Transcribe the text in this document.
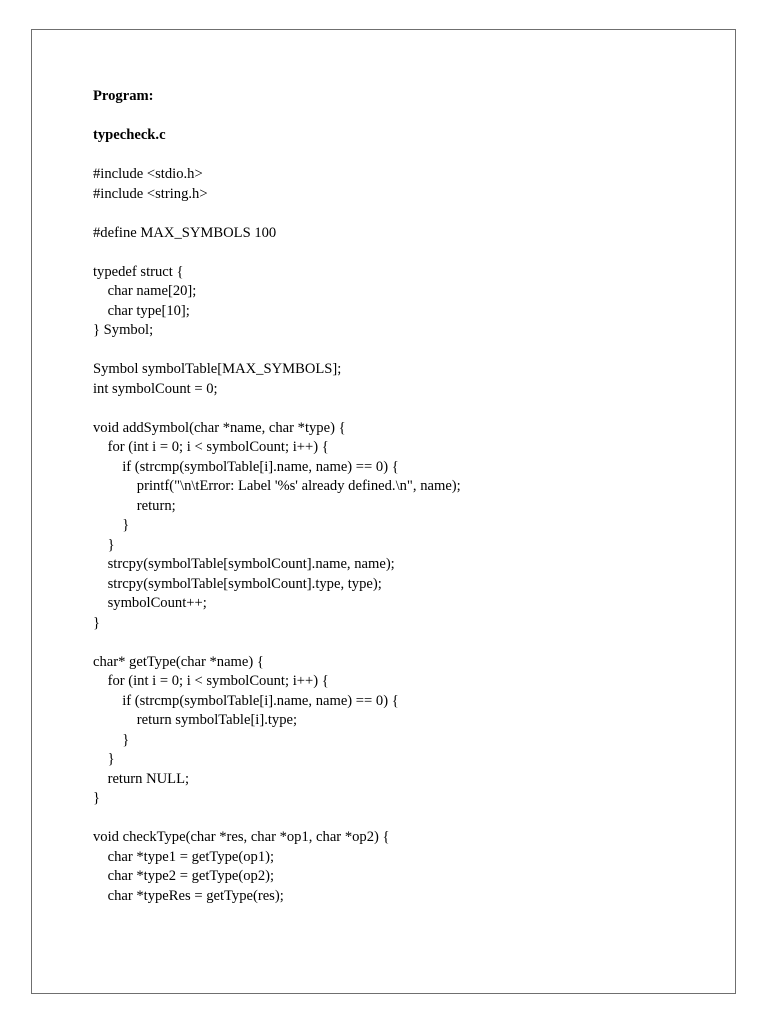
Program:
typecheck.c
#include <stdio.h>
#include <string.h>
#define MAX_SYMBOLS 100
typedef struct {
char name[20];
char type[10];
} Symbol;
Symbol symbolTable[MAX_SYMBOLS];
int symbolCount = 0;
void addSymbol(char *name, char *type) {
for (int i = 0; i < symbolCount; i++) {
if (strcmp(symbolTable[i].name, name) == 0) {
printf("\n\tError: Label '%s' already defined.\n", name);
return;
}
}
strcpy(symbolTable[symbolCount].name, name);
strcpy(symbolTable[symbolCount].type, type);
symbolCount++;
}
char* getType(char *name) {
for (int i = 0; i < symbolCount; i++) {
if (strcmp(symbolTable[i].name, name) == 0) {
return symbolTable[i].type;
}
}
return NULL;
}
void checkType(char *res, char *op1, char *op2) {
char *type1 = getType(op1);
char *type2 = getType(op2);
char *typeRes = getType(res);
